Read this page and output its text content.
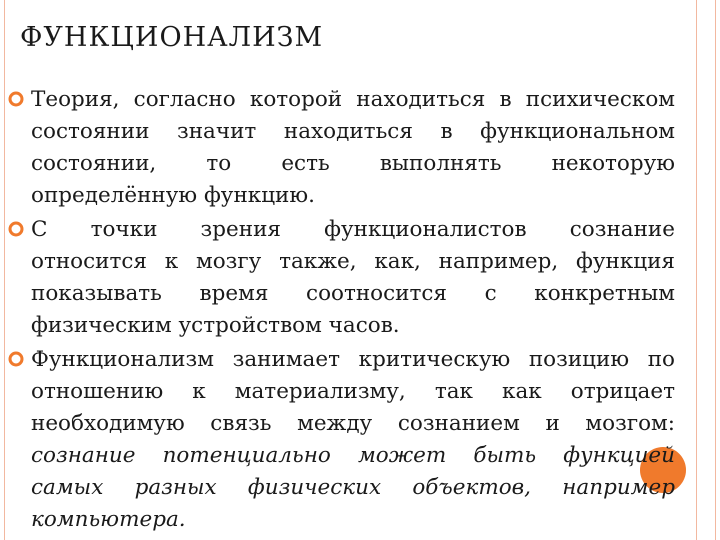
ФУНКЦИОНАЛИЗМ
Теория, согласно которой находиться в психическом
состоянии значит находиться в функциональном
состоянии, то есть выполнять некоторую
определённую функцию.
С точки зрения функционалистов сознание
относится к мозгу также, как, например, функция
показывать время соотносится с конкретным
физическим устройством часов.
Функционализм занимает критическую позицию по
отношению к материализму, так как отрицает
необходимую связь между сознанием и мозгом:
сознание потенциально может быть функцией
самых разных физических объектов, например
компьютера.
